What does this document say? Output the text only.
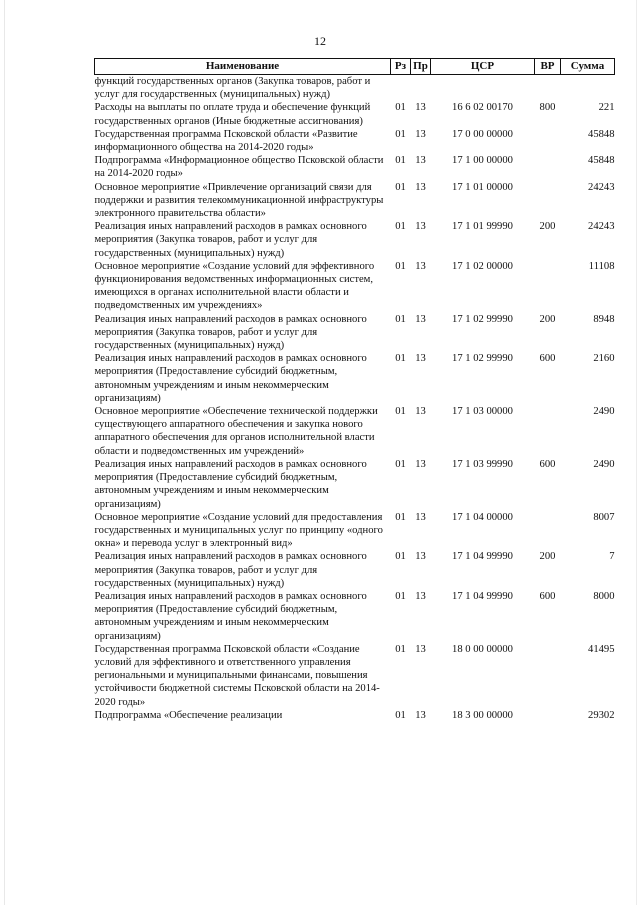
12
Наименование	Рз	Пр	ЦСР	ВР	Сумма
функций государственных органов (Закупка товаров, работ и услуг для государственных (муниципальных) нужд)					
Расходы на выплаты по оплате труда и обеспечение функций государственных органов (Иные бюджетные ассигнования)	01	13	16 6 02 00170	800	221
Государственная программа Псковской области «Развитие информационного общества на 2014-2020 годы»	01	13	17 0 00 00000		45848
Подпрограмма «Информационное общество Псковской области на 2014-2020 годы»	01	13	17 1 00 00000		45848
Основное мероприятие «Привлечение организаций связи для поддержки и развития телекоммуникационной инфраструктуры электронного правительства области»	01	13	17 1 01 00000		24243
Реализация иных направлений расходов в рамках основного мероприятия (Закупка товаров, работ и услуг для государственных (муниципальных) нужд)	01	13	17 1 01 99990	200	24243
Основное мероприятие «Создание условий для эффективного функционирования ведомственных информационных систем, имеющихся в органах исполнительной власти области и подведомственных им учреждениях»	01	13	17 1 02 00000		11108
Реализация иных направлений расходов в рамках основного мероприятия (Закупка товаров, работ и услуг для государственных (муниципальных) нужд)	01	13	17 1 02 99990	200	8948
Реализация иных направлений расходов в рамках основного мероприятия (Предоставление субсидий бюджетным, автономным учреждениям и иным некоммерческим организациям)	01	13	17 1 02 99990	600	2160
Основное мероприятие «Обеспечение технической поддержки существующего аппаратного обеспечения и закупка нового аппаратного обеспечения для органов исполнительной власти области и подведомственных им учреждений»	01	13	17 1 03 00000		2490
Реализация иных направлений расходов в рамках основного мероприятия (Предоставление субсидий бюджетным, автономным учреждениям и иным некоммерческим организациям)	01	13	17 1 03 99990	600	2490
Основное мероприятие «Создание условий для предоставления государственных и муниципальных услуг по принципу «одного окна» и перевода услуг в электронный вид»	01	13	17 1 04 00000		8007
Реализация иных направлений расходов в рамках основного мероприятия (Закупка товаров, работ и услуг для государственных (муниципальных) нужд)	01	13	17 1 04 99990	200	7
Реализация иных направлений расходов в рамках основного мероприятия (Предоставление субсидий бюджетным, автономным учреждениям и иным некоммерческим организациям)	01	13	17 1 04 99990	600	8000
Государственная программа Псковской области «Создание условий для эффективного и ответственного управления региональными и муниципальными финансами, повышения устойчивости бюджетной системы Псковской области на 2014-2020 годы»	01	13	18 0 00 00000		41495
Подпрограмма «Обеспечение реализации	01	13	18 3 00 00000		29302
